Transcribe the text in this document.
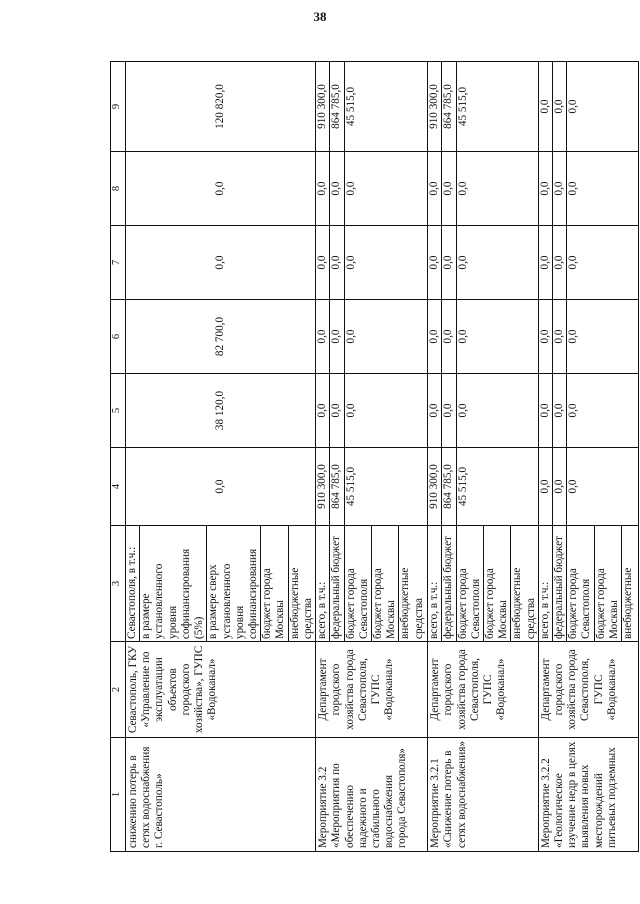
38
1	2	3	4	5	6	7	8	9
снижению потерь в сетях водоснабжения г. Севастополь»	Севастополь, ГКУ «Управление по эксплуатации объектов городского хозяйства», ГУПС «Водоканал»	Севастополя, в т.ч.: в размере установленного уровня софинансирования (5%) в размере сверх установленного уровня софинансирования бюджет города Москвы внебюджетные средства	0,0	38 120,0	82 700,0	0,0	0,0	120 820,0
Мероприятие 3.2 «Мероприятия по обеспечению надежного и стабильного водоснабжения города Севастополя»	Департамент городского хозяйства города Севастополя, ГУПС «Водоканал»	всего, в т.ч.: федеральный бюджет бюджет города Севастополя бюджет города Москвы внебюджетные средства	910 300,0 864 785,0 45 515,0	0,0 0,0 0,0	0,0 0,0 0,0	0,0 0,0 0,0	0,0 0,0 0,0	910 300,0 864 785,0 45 515,0

Мероприятие 3.2.1 «Снижение потерь в сетях водоснабжения»	Департамент городского хозяйства города Севастополя, ГУПС «Водоканал»	всего, в т.ч.: федеральный бюджет бюджет города Севастополя бюджет города Москвы внебюджетные средства	910 300,0 864 785,0 45 515,0	0,0 0,0 0,0	0,0 0,0 0,0	0,0 0,0 0,0	0,0 0,0 0,0	910 300,0 864 785,0 45 515,0

Мероприятие 3.2.2 «Геологическое изучение недр в целях выявления новых месторождений питьевых подземных	Департамент городского хозяйства города Севастополя, ГУПС «Водоканал»	всего, в т.ч.: федеральный бюджет бюджет города Севастополя бюджет города Москвы внебюджетные	0,0 0,0 0,0	0,0 0,0 0,0	0,0 0,0 0,0	0,0 0,0 0,0	0,0 0,0 0,0	0,0 0,0 0,0
